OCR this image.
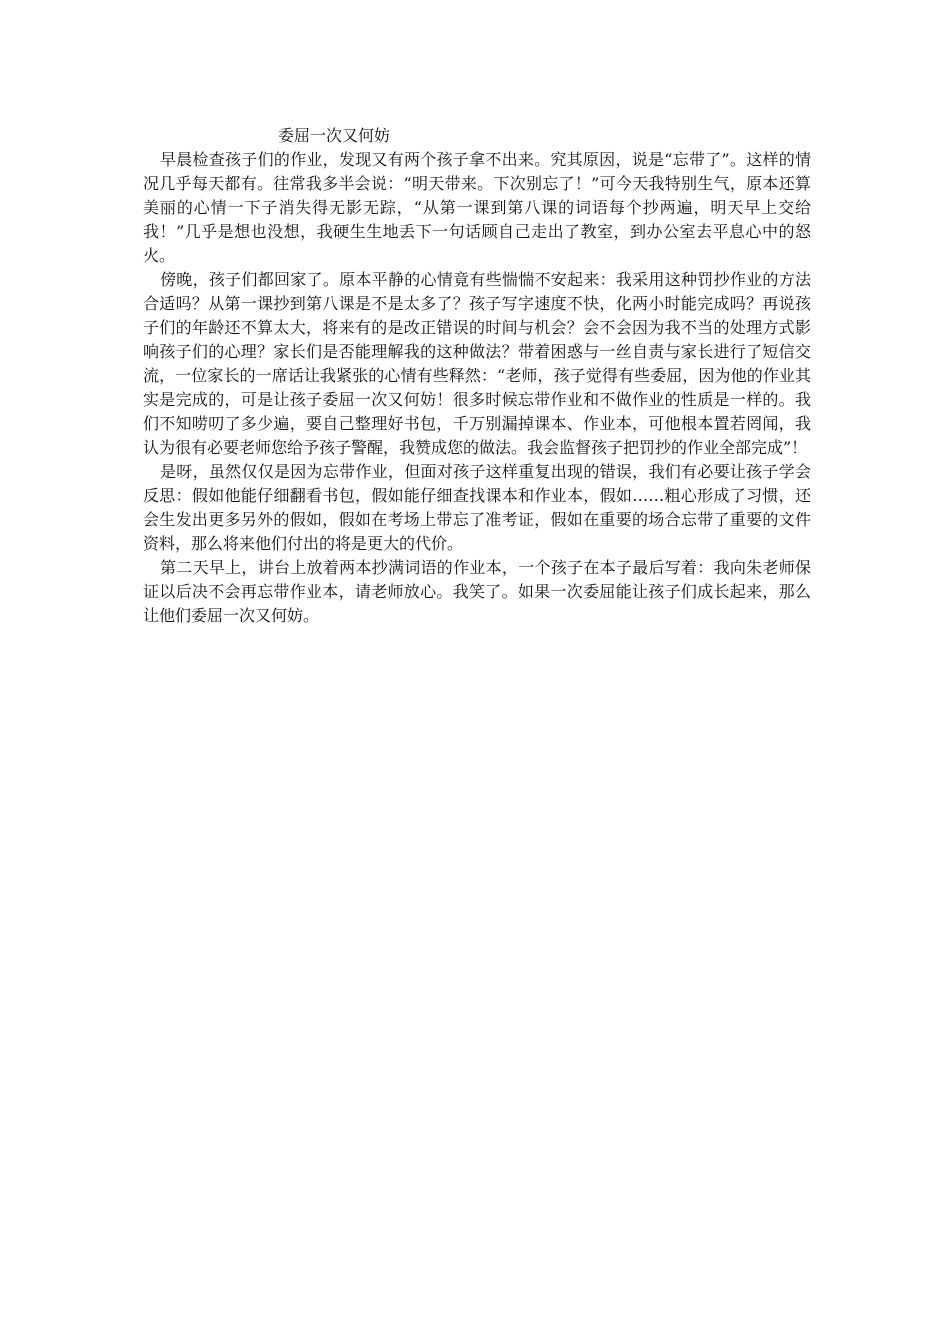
委屈一次又何妨

早晨检查孩子们的作业，发现又有两个孩子拿不出来。究其原因，说是“忘带了”。这样的情况几乎每天都有。往常我多半会说：“明天带来。下次别忘了！”可今天我特别生气，原本还算美丽的心情一下子消失得无影无踪，“从第一课到第八课的词语每个抄两遍，明天早上交给我！”几乎是想也没想，我硬生生地丢下一句话顾自己走出了教室，到办公室去平息心中的怒火。

傍晚，孩子们都回家了。原本平静的心情竟有些惴惴不安起来：我采用这种罚抄作业的方法合适吗？从第一课抄到第八课是不是太多了？孩子写字速度不快，化两小时能完成吗？再说孩子们的年龄还不算太大，将来有的是改正错误的时间与机会？会不会因为我不当的处理方式影响孩子们的心理？家长们是否能理解我的这种做法？带着困惑与一丝自责与家长进行了短信交流，一位家长的一席话让我紧张的心情有些释然：“老师，孩子觉得有些委屈，因为他的作业其实是完成的，可是让孩子委屈一次又何妨！很多时候忘带作业和不做作业的性质是一样的。我们不知唠叨了多少遍，要自己整理好书包，千万别漏掉课本、作业本，可他根本置若罔闻，我认为很有必要老师您给予孩子警醒，我赞成您的做法。我会监督孩子把罚抄的作业全部完成”！

是呀，虽然仅仅是因为忘带作业，但面对孩子这样重复出现的错误，我们有必要让孩子学会反思：假如他能仔细翻看书包，假如能仔细查找课本和作业本，假如……粗心形成了习惯，还会生发出更多另外的假如，假如在考场上带忘了准考证，假如在重要的场合忘带了重要的文件资料，那么将来他们付出的将是更大的代价。

第二天早上，讲台上放着两本抄满词语的作业本，一个孩子在本子最后写着：我向朱老师保证以后决不会再忘带作业本，请老师放心。我笑了。如果一次委屈能让孩子们成长起来，那么让他们委屈一次又何妨。
